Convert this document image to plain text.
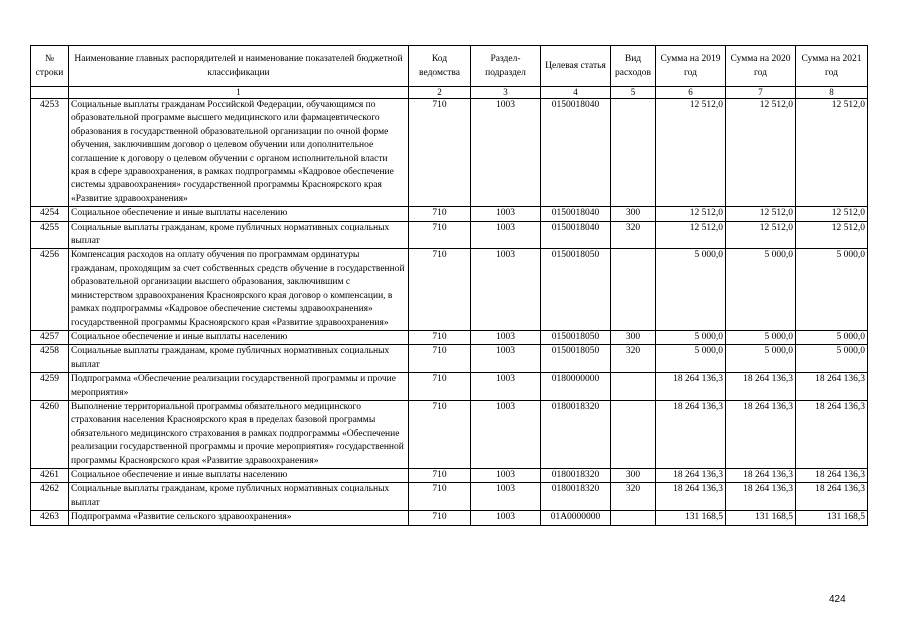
№ строки	Наименование главных распорядителей и наименование показателей бюджетной классификации	Код ведомства	Раздел-подраздел	Целевая статья	Вид расходов	Сумма на 2019 год	Сумма на 2020 год	Сумма на 2021 год
	1	2	3	4	5	6	7	8
4253	Социальные выплаты гражданам Российской Федерации, обучающимся по образовательной программе высшего медицинского или фармацевтического образования в государственной образовательной организации по очной форме обучения, заключившим договор о целевом обучении или дополнительное соглашение к договору о целевом обучении с органом исполнительной власти края в сфере здравоохранения, в рамках подпрограммы «Кадровое обеспечение системы здравоохранения» государственной программы Красноярского края «Развитие здравоохранения»	710	1003	0150018040		12 512,0	12 512,0	12 512,0
4254	Социальное обеспечение и иные выплаты населению	710	1003	0150018040	300	12 512,0	12 512,0	12 512,0
4255	Социальные выплаты гражданам, кроме публичных нормативных социальных выплат	710	1003	0150018040	320	12 512,0	12 512,0	12 512,0
4256	Компенсация расходов на оплату обучения по программам ординатуры гражданам, проходящим за счет собственных средств обучение в государственной образовательной организации высшего образования, заключившим с министерством здравоохранения Красноярского края договор о компенсации, в рамках подпрограммы «Кадровое обеспечение системы здравоохранения» государственной программы Красноярского края «Развитие здравоохранения»	710	1003	0150018050		5 000,0	5 000,0	5 000,0
4257	Социальное обеспечение и иные выплаты населению	710	1003	0150018050	300	5 000,0	5 000,0	5 000,0
4258	Социальные выплаты гражданам, кроме публичных нормативных социальных выплат	710	1003	0150018050	320	5 000,0	5 000,0	5 000,0
4259	Подпрограмма «Обеспечение реализации государственной программы и прочие мероприятия»	710	1003	0180000000		18 264 136,3	18 264 136,3	18 264 136,3
4260	Выполнение территориальной программы обязательного медицинского страхования населения Красноярского края в пределах базовой программы обязательного медицинского страхования в рамках подпрограммы «Обеспечение реализации государственной программы и прочие мероприятия» государственной программы Красноярского края «Развитие здравоохранения»	710	1003	0180018320		18 264 136,3	18 264 136,3	18 264 136,3
4261	Социальное обеспечение и иные выплаты населению	710	1003	0180018320	300	18 264 136,3	18 264 136,3	18 264 136,3
4262	Социальные выплаты гражданам, кроме публичных нормативных социальных выплат	710	1003	0180018320	320	18 264 136,3	18 264 136,3	18 264 136,3
4263	Подпрограмма «Развитие сельского здравоохранения»	710	1003	01А0000000		131 168,5	131 168,5	131 168,5
424
